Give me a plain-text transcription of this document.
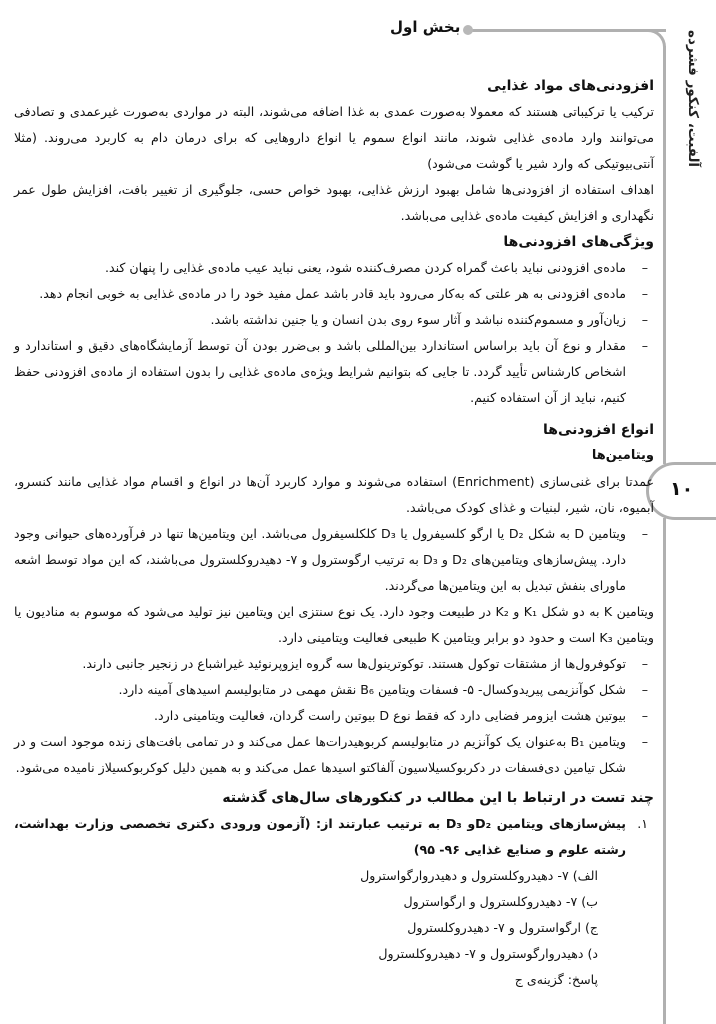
۱۰
آلفبت، کنکور فشرده
بخش اول

افزودنی‌های مواد غذایی

ترکیب یا ترکیباتی هستند که معمولا به‌صورت عمدی به غذا اضافه می‌شوند، البته در مواردی به‌صورت غیرعمدی و تصادفی می‌توانند وارد ماده‌ی غذایی شوند، مانند انواع سموم یا انواع داروهایی که برای درمان دام به کاربرد می‌روند. (مثلا آنتی‌بیوتیکی که وارد شیر یا گوشت می‌شود)

اهداف استفاده از افزودنی‌ها شامل بهبود ارزش غذایی، بهبود خواص حسی، جلوگیری از تغییر بافت، افزایش طول عمر نگهداری و افزایش کیفیت ماده‌ی غذایی می‌باشد.

ویژگی‌های افزودنی‌ها

– ماده‌ی افزودنی نباید باعث گمراه کردن مصرف‌کننده شود، یعنی نباید عیب ماده‌ی غذایی را پنهان کند.
– ماده‌ی افزودنی به هر علتی که به‌کار می‌رود باید قادر باشد عمل مفید خود را در ماده‌ی غذایی به خوبی انجام دهد.
– زیان‌آور و مسموم‌کننده نباشد و آثار سوء روی بدن انسان و یا جنین نداشته باشد.
– مقدار و نوع آن باید براساس استاندارد بین‌المللی باشد و بی‌ضرر بودن آن توسط آزمایشگاه‌های دقیق و استاندارد و اشخاص کارشناس تأیید گردد. تا جایی که بتوانیم شرایط ویژه‌ی ماده‌ی غذایی را بدون استفاده از ماده‌ی افزودنی حفظ کنیم، نباید از آن استفاده کنیم.

انواع افزودنی‌ها

ویتامین‌ها

عمدتا برای غنی‌سازی (Enrichment) استفاده می‌شوند و موارد کاربرد آن‌ها در انواع و اقسام مواد غذایی مانند کنسرو، آبمیوه، نان، شیر، لبنیات و غذای کودک می‌باشد.

– ویتامین D به شکل D₂ یا ارگو کلسیفرول یا D₃ کلکلسیفرول می‌باشد. این ویتامین‌ها تنها در فرآورده‌های حیوانی وجود دارد. پیش‌سازهای ویتامین‌های D₂ و D₃ به ترتیب ارگوسترول و ۷- دهیدروکلسترول می‌باشند، که این مواد توسط اشعه ماورای بنفش تبدیل به این ویتامین‌ها می‌گردند.

ویتامین K به دو شکل K₁ و K₂ در طبیعت وجود دارد. یک نوع سنتزی این ویتامین نیز تولید می‌شود که موسوم به منادیون یا ویتامین K₃ است و حدود دو برابر ویتامین K طبیعی فعالیت ویتامینی دارد.

– توکوفرول‌ها از مشتقات توکول هستند. توکوترینول‌ها سه گروه ایزوپرنوئید غیراشباع در زنجیر جانبی دارند.
– شکل کوآنزیمی پیریدوکسال- ۵- فسفات ویتامین B₆ نقش مهمی در متابولیسم اسیدهای آمینه دارد.
– بیوتین هشت ایزومر فضایی دارد که فقط نوع D بیوتین راست گردان، فعالیت ویتامینی دارد.
– ویتامین B₁ به‌عنوان یک کوآنزیم در متابولیسم کربوهیدرات‌ها عمل می‌کند و در تمامی بافت‌های زنده موجود است و در شکل تیامین دی‌فسفات در دکربوکسیلاسیون آلفاکتو اسیدها عمل می‌کند و به همین دلیل کوکربوکسیلاز نامیده می‌شود.

چند تست در ارتباط با این مطالب در کنکورهای سال‌های گذشته

۱.
پیش‌سازهای ویتامین D₂و D₃ به ترتیب عبارتند از: (آزمون ورودی دکتری تخصصی وزارت بهداشت، رشته علوم و صنایع غذایی ۹۶- ۹۵)

الف) ۷- دهیدروکلسترول و دهیدروارگواسترول
ب) ۷- دهیدروکلسترول و ارگواسترول
ج) ارگواسترول و ۷- دهیدروکلسترول
د) دهیدروارگوسترول و ۷- دهیدروکلسترول

پاسخ: گزینه‌ی ج
